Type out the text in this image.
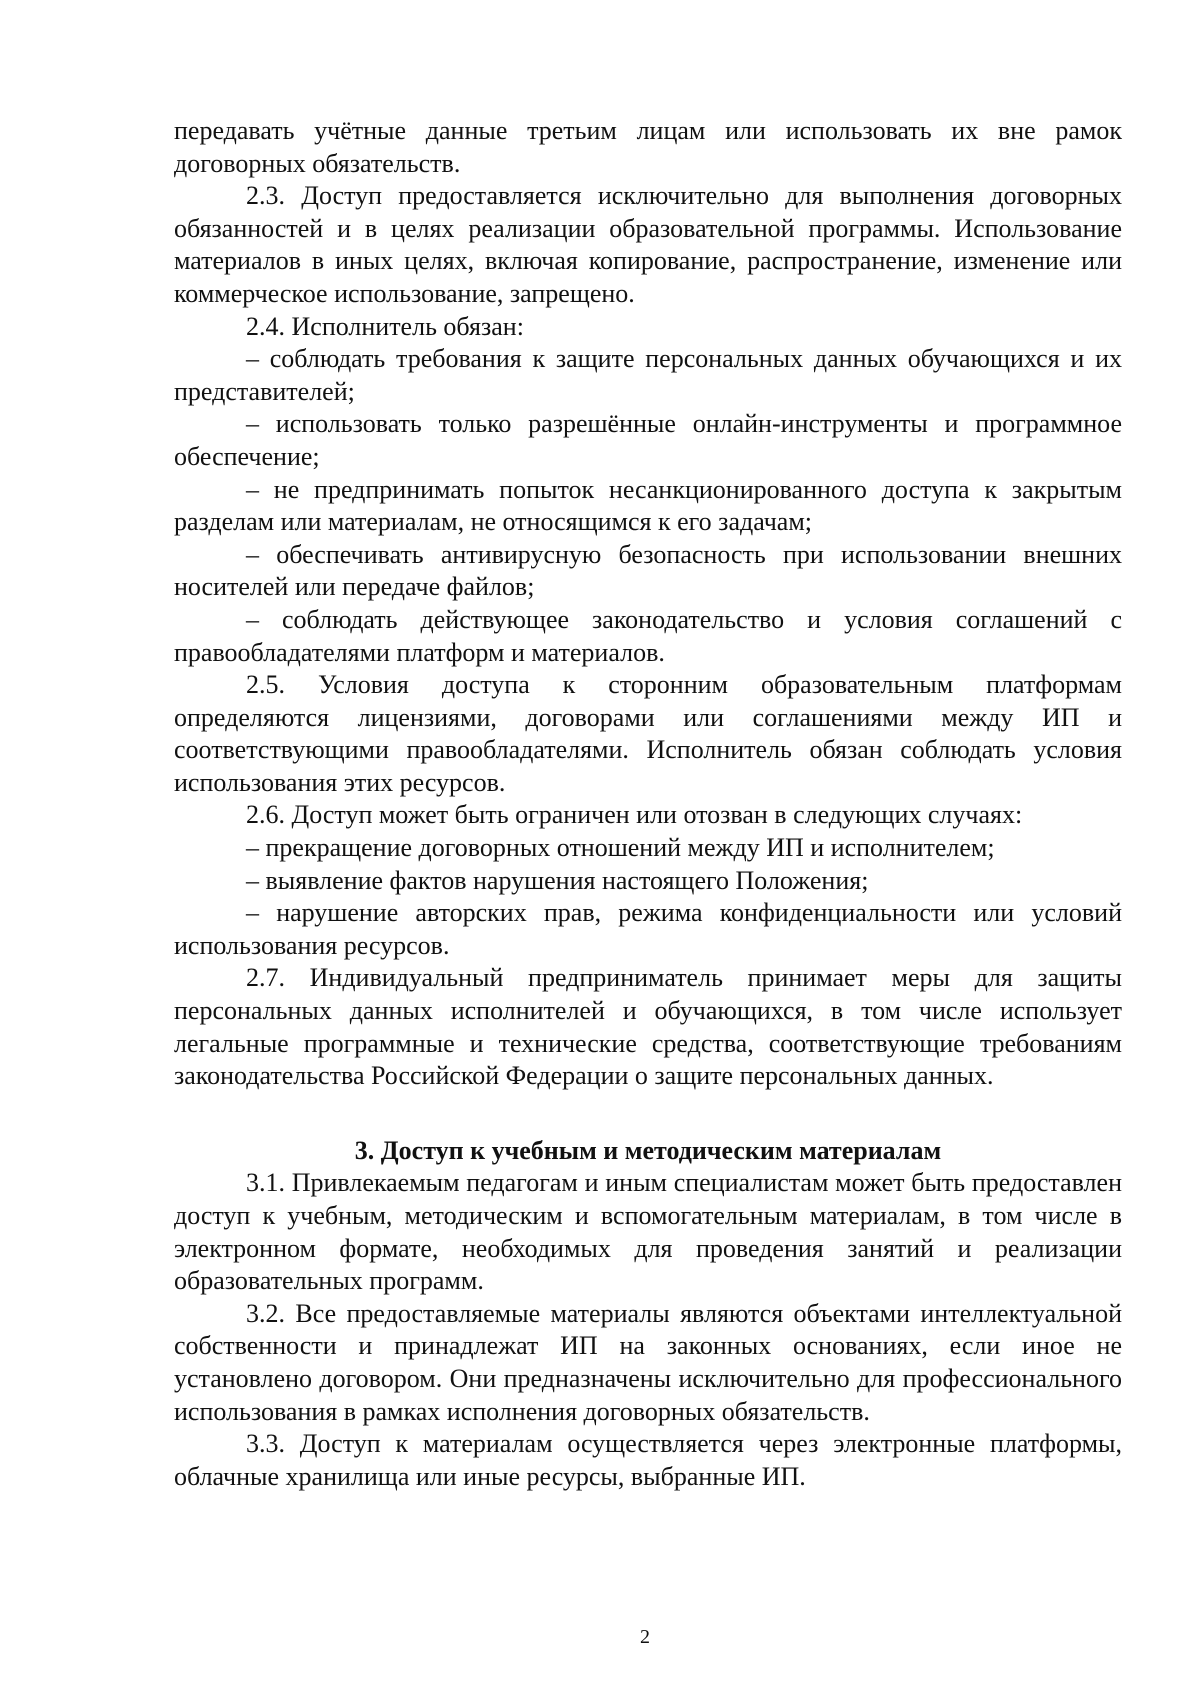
передавать учётные данные третьим лицам или использовать их вне рамок договорных обязательств.

2.3. Доступ предоставляется исключительно для выполнения договорных обязанностей и в целях реализации образовательной программы. Использование материалов в иных целях, включая копирование, распространение, изменение или коммерческое использование, запрещено.

2.4. Исполнитель обязан:

– соблюдать требования к защите персональных данных обучающихся и их представителей;

– использовать только разрешённые онлайн-инструменты и программное обеспечение;

– не предпринимать попыток несанкционированного доступа к закрытым разделам или материалам, не относящимся к его задачам;

– обеспечивать антивирусную безопасность при использовании внешних носителей или передаче файлов;

– соблюдать действующее законодательство и условия соглашений с правообладателями платформ и материалов.

2.5. Условия доступа к сторонним образовательным платформам определяются лицензиями, договорами или соглашениями между ИП и соответствующими правообладателями. Исполнитель обязан соблюдать условия использования этих ресурсов.

2.6. Доступ может быть ограничен или отозван в следующих случаях:

– прекращение договорных отношений между ИП и исполнителем;

– выявление фактов нарушения настоящего Положения;

– нарушение авторских прав, режима конфиденциальности или условий использования ресурсов.

2.7. Индивидуальный предприниматель принимает меры для защиты персональных данных исполнителей и обучающихся, в том числе использует легальные программные и технические средства, соответствующие требованиям законодательства Российской Федерации о защите персональных данных.

3. Доступ к учебным и методическим материалам

3.1. Привлекаемым педагогам и иным специалистам может быть предоставлен доступ к учебным, методическим и вспомогательным материалам, в том числе в электронном формате, необходимых для проведения занятий и реализации образовательных программ.

3.2. Все предоставляемые материалы являются объектами интеллектуальной собственности и принадлежат ИП на законных основаниях, если иное не установлено договором. Они предназначены исключительно для профессионального использования в рамках исполнения договорных обязательств.

3.3. Доступ к материалам осуществляется через электронные платформы, облачные хранилища или иные ресурсы, выбранные ИП.

2
